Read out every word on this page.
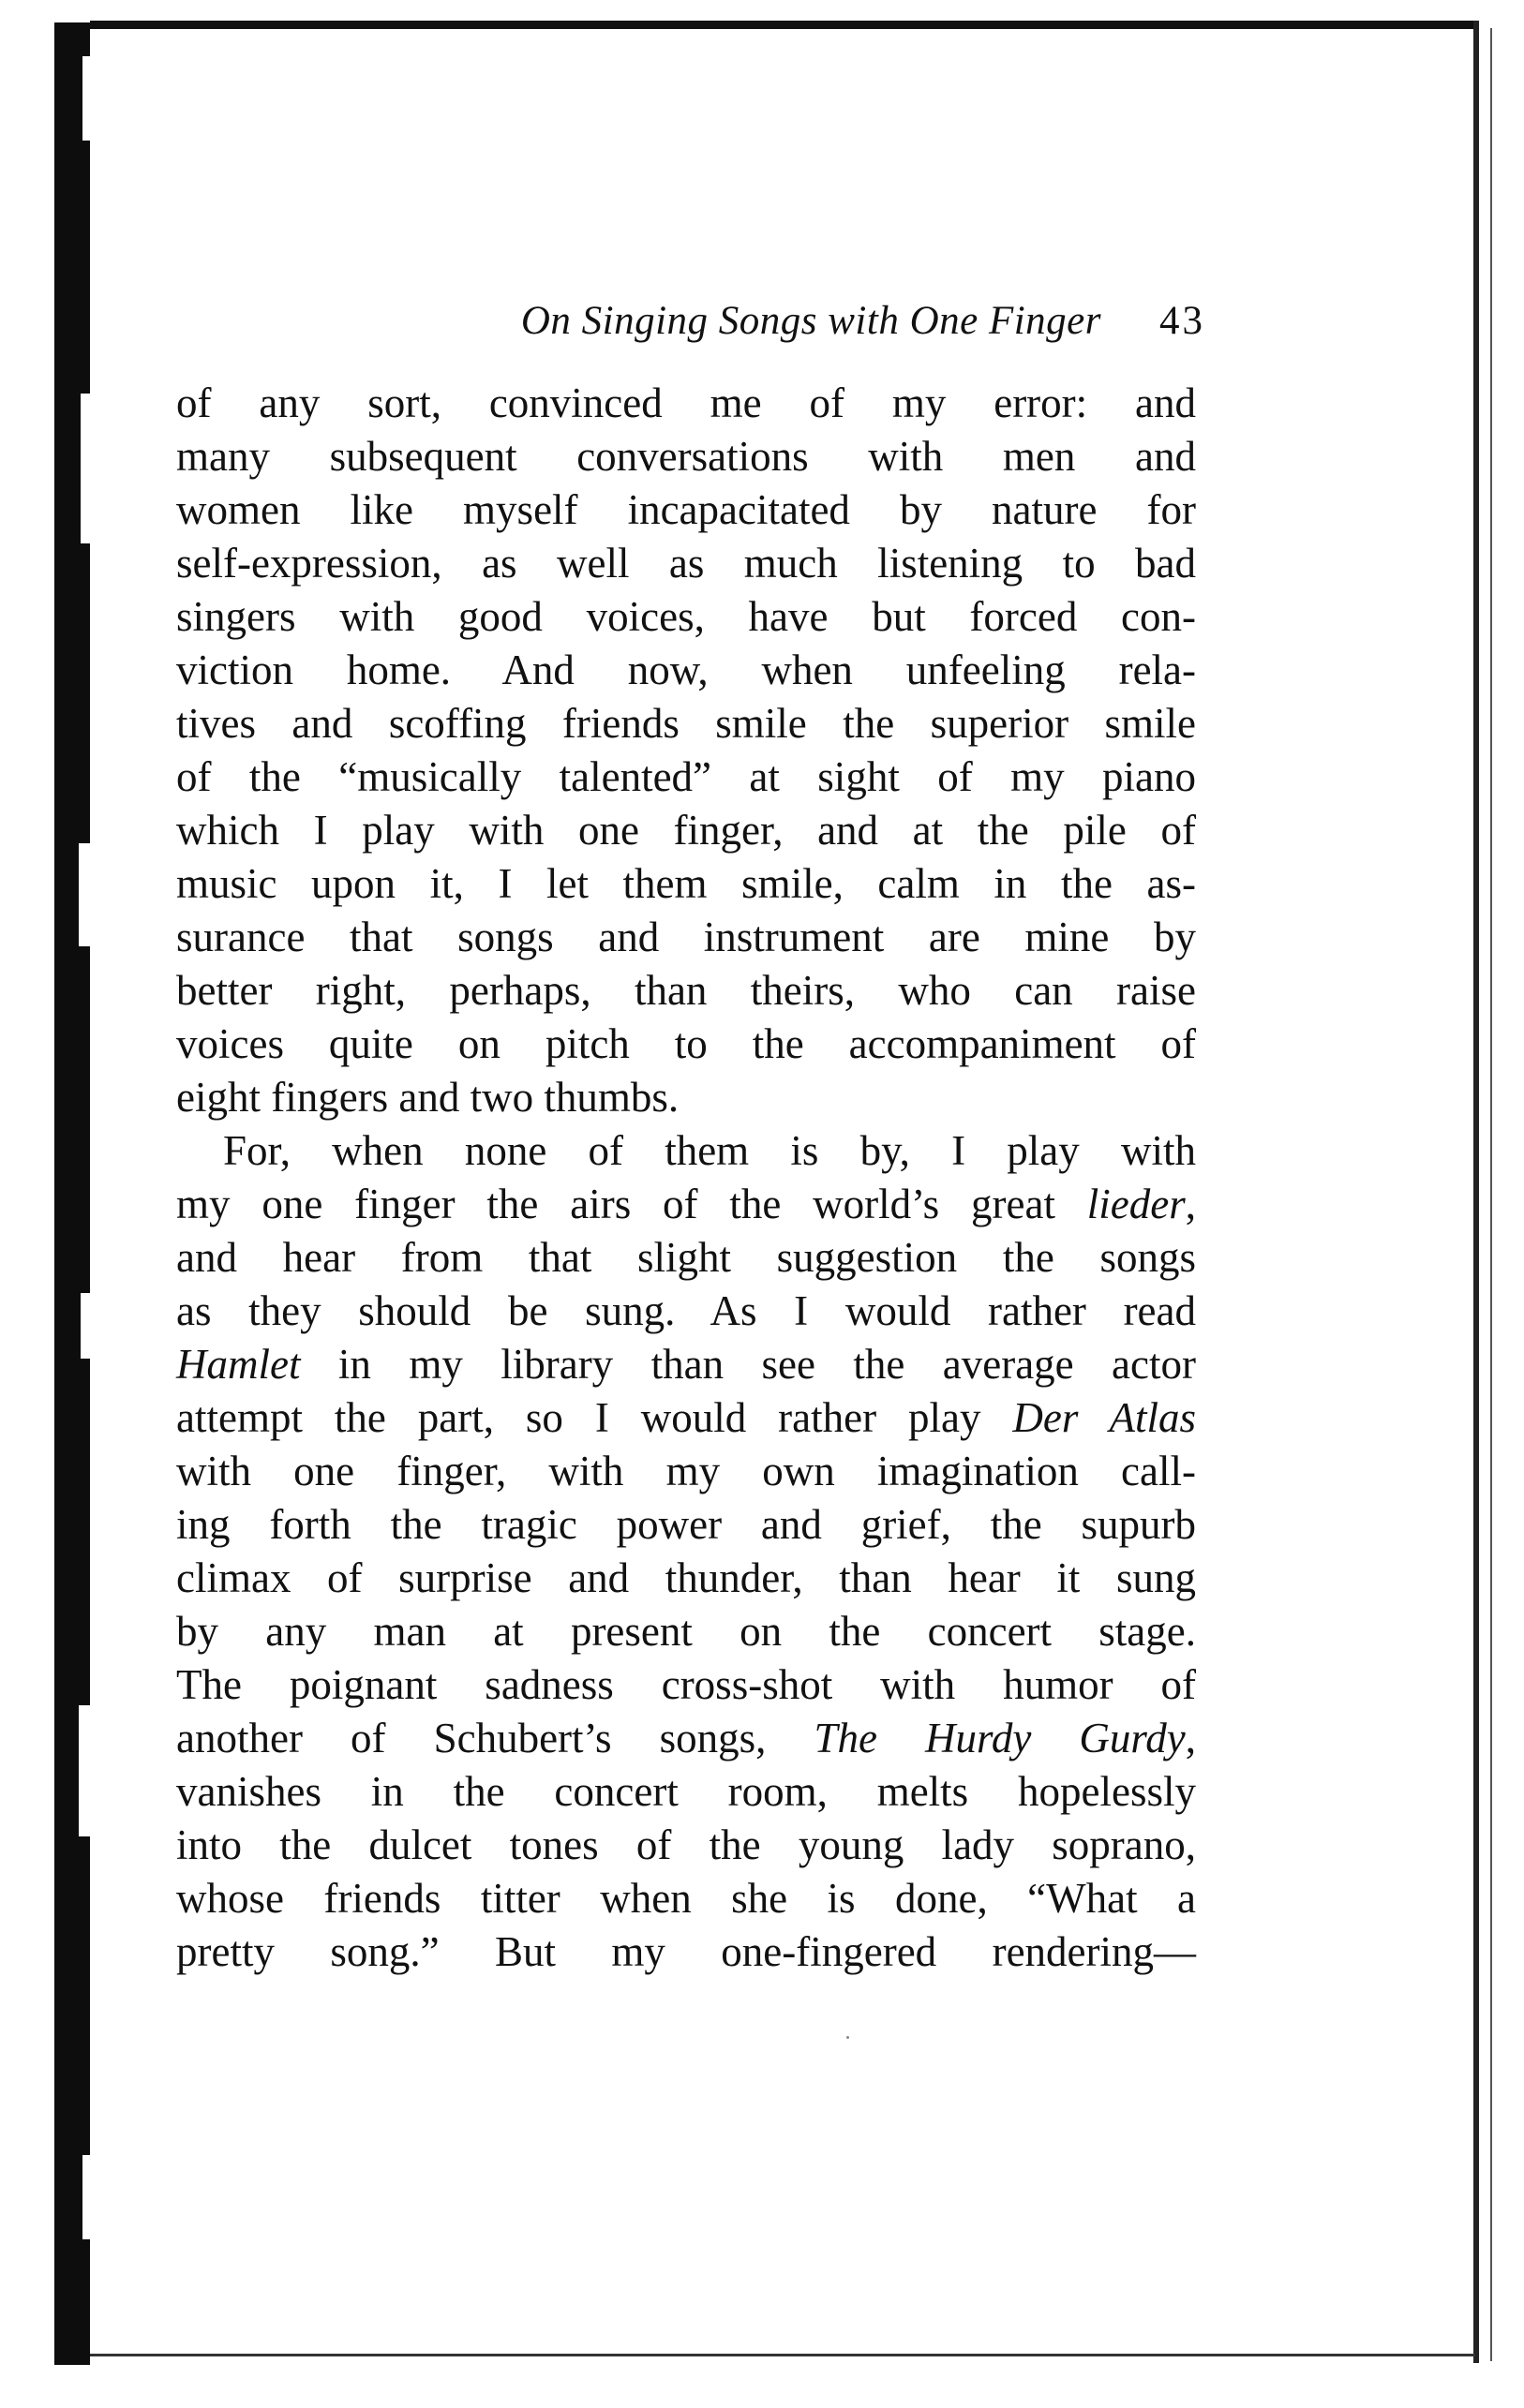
On Singing Songs with One Finger 43

of any sort, convinced me of my error: and
many subsequent conversations with men and
women like myself incapacitated by nature for
self-expression, as well as much listening to bad
singers with good voices, have but forced con-
viction home. And now, when unfeeling rela-
tives and scoffing friends smile the superior smile
of the “musically talented” at sight of my piano
which I play with one finger, and at the pile of
music upon it, I let them smile, calm in the as-
surance that songs and instrument are mine by
better right, perhaps, than theirs, who can raise
voices quite on pitch to the accompaniment of
eight fingers and two thumbs.

For, when none of them is by, I play with
my one finger the airs of the world’s great lieder,
and hear from that slight suggestion the songs
as they should be sung. As I would rather read
Hamlet in my library than see the average actor
attempt the part, so I would rather play Der Atlas
with one finger, with my own imagination call-
ing forth the tragic power and grief, the supurb
climax of surprise and thunder, than hear it sung
by any man at present on the concert stage.
The poignant sadness cross-shot with humor of
another of Schubert’s songs, The Hurdy Gurdy,
vanishes in the concert room, melts hopelessly
into the dulcet tones of the young lady soprano,
whose friends titter when she is done, “What a
pretty song.” But my one-fingered rendering—
